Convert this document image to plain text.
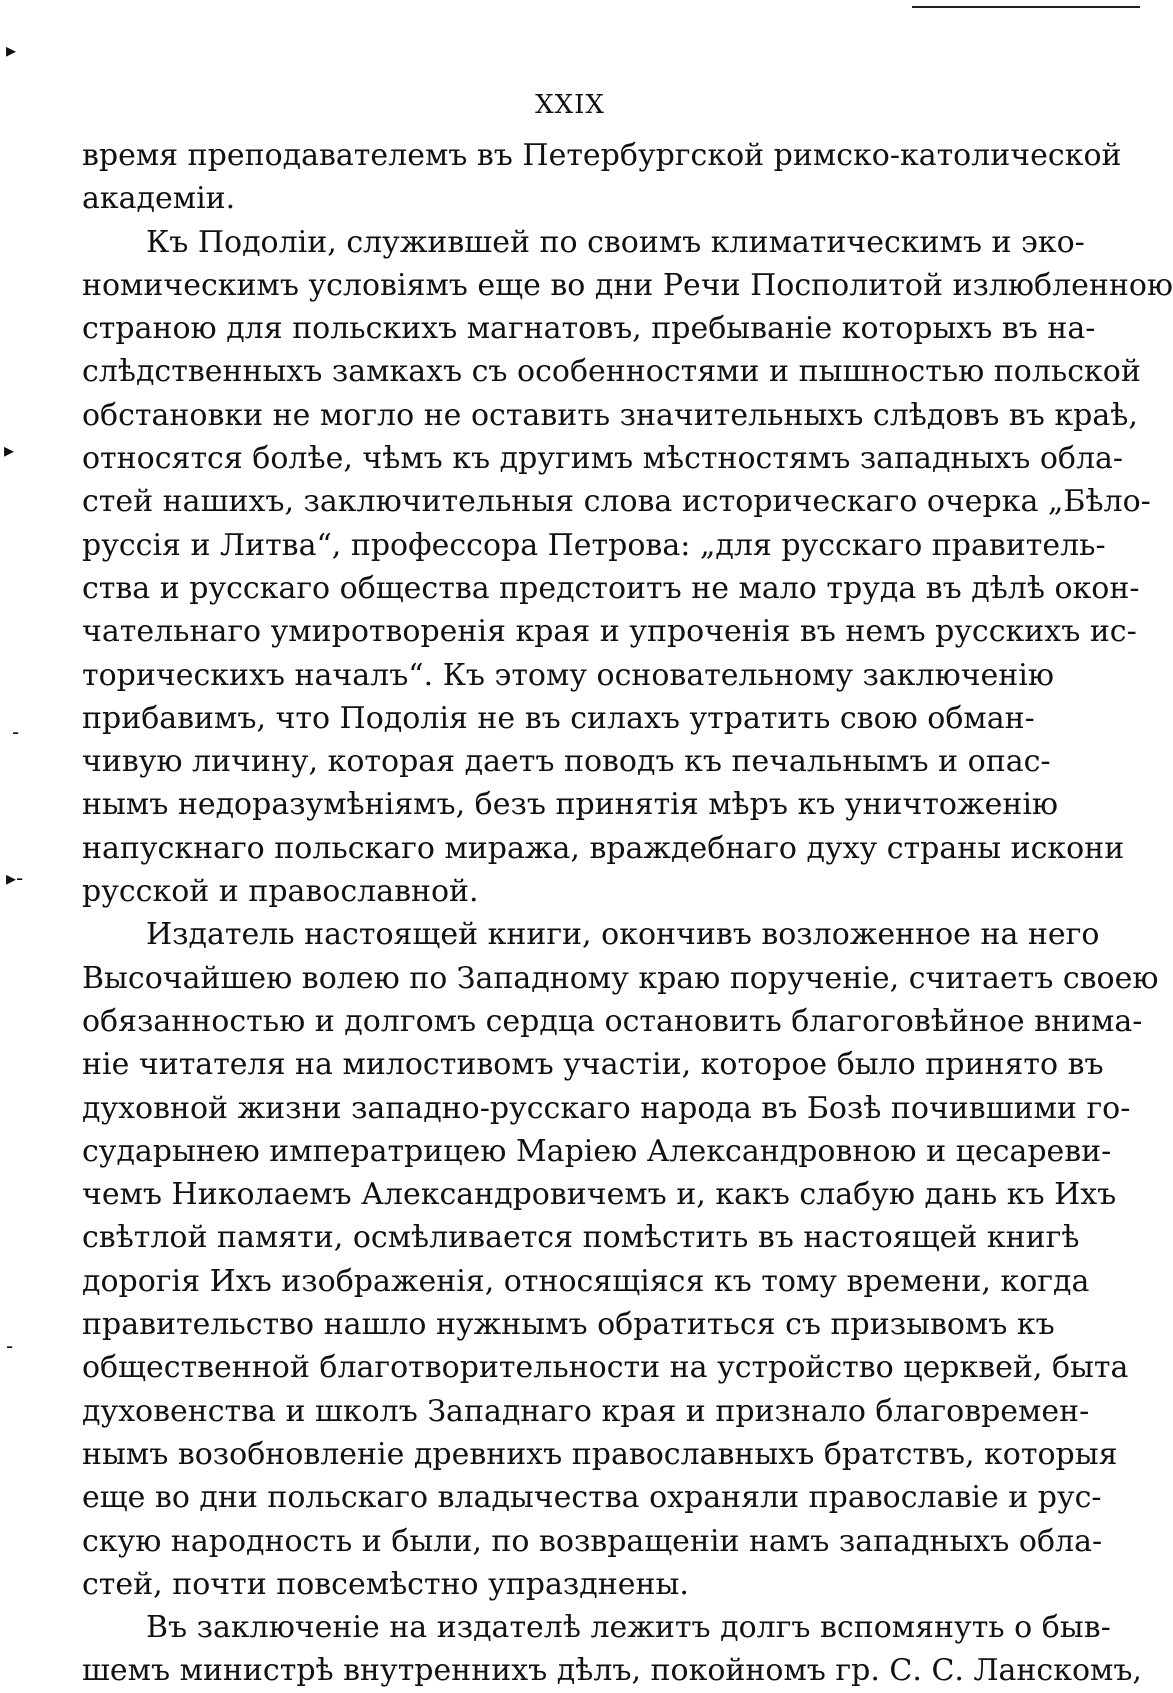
▸
▸
-
▸-
-
XXIX
время преподавателемъ въ Петербургской римско-католической
академіи.
Къ Подоліи, служившей по своимъ климатическимъ и эко-
номическимъ условіямъ еще во дни Речи Посполитой излюбленною
страною для польскихъ магнатовъ, пребываніе которыхъ въ на-
слѣдственныхъ замкахъ съ особенностями и пышностью польской
обстановки не могло не оставить значительныхъ слѣдовъ въ краѣ,
относятся болѣе, чѣмъ къ другимъ мѣстностямъ западныхъ обла-
стей нашихъ, заключительныя слова историческаго очерка „Бѣло-
руссія и Литва“, профессора Петрова: „для русскаго правитель-
ства и русскаго общества предстоитъ не мало труда въ дѣлѣ окон-
чательнаго умиротворенія края и упроченія въ немъ русскихъ ис-
торическихъ началъ“. Къ этому основательному заключенію
прибавимъ, что Подолія не въ силахъ утратить свою обман-
чивую личину, которая даетъ поводъ къ печальнымъ и опас-
нымъ недоразумѣніямъ, безъ принятія мѣръ къ уничтоженію
напускнаго польскаго миража, враждебнаго духу страны искони
русской и православной.
Издатель настоящей книги, окончивъ возложенное на него
Высочайшею волею по Западному краю порученіе, считаетъ своею
обязанностью и долгомъ сердца остановить благоговѣйное внима-
ніе читателя на милостивомъ участіи, которое было принято въ
духовной жизни западно-русскаго народа въ Бозѣ почившими го-
сударынею императрицею Маріею Александровною и цесареви-
чемъ Николаемъ Александровичемъ и, какъ слабую дань къ Ихъ
свѣтлой памяти, осмѣливается помѣстить въ настоящей книгѣ
дорогія Ихъ изображенія, относящіяся къ тому времени, когда
правительство нашло нужнымъ обратиться съ призывомъ къ
общественной благотворительности на устройство церквей, быта
духовенства и школъ Западнаго края и признало благовремен-
нымъ возобновленіе древнихъ православныхъ братствъ, которыя
еще во дни польскаго владычества охраняли православіе и рус-
скую народность и были, по возвращеніи намъ западныхъ обла-
стей, почти повсемѣстно упразднены.
Въ заключеніе на издателѣ лежитъ долгъ вспомянуть о быв-
шемъ министрѣ внутреннихъ дѣлъ, покойномъ гр. С. С. Ланскомъ,
